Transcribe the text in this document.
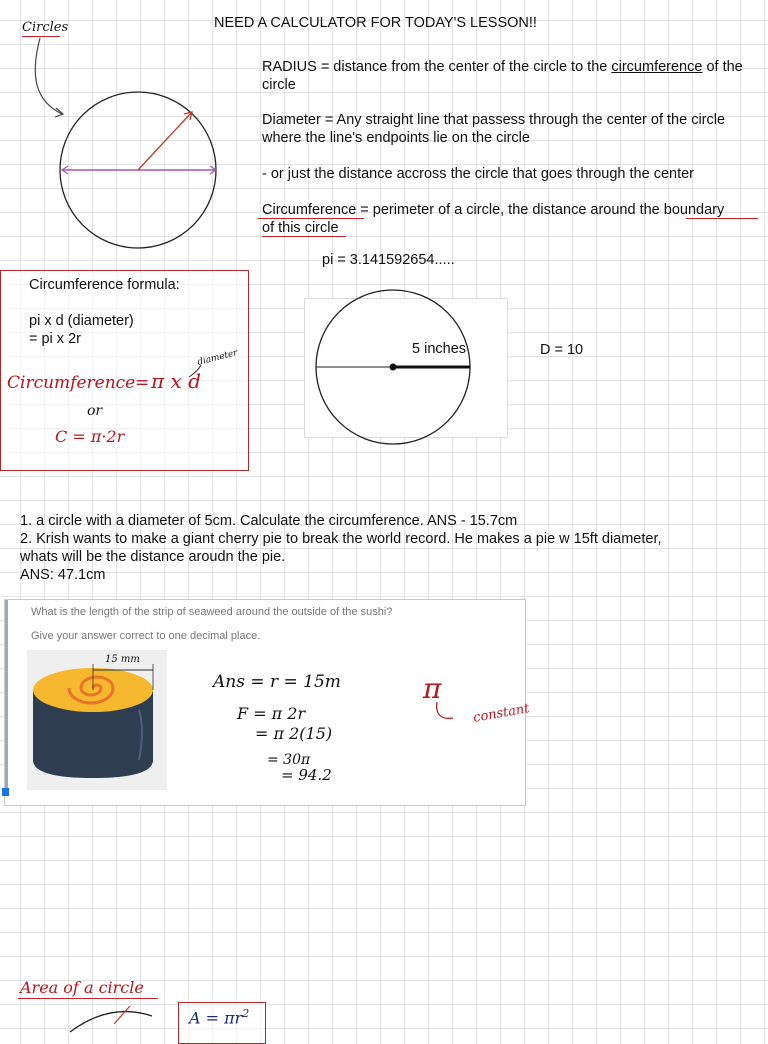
Circles	NEED A CALCULATOR FOR TODAY'S LESSON!!
RADIUS = distance from the center of the circle to the circumference of the circle
Diameter = Any straight line that passess through the center of the circle
where the line's endpoints lie on the circle
- or just the distance accross the circle that goes through the center
Circumference = perimeter of a circle, the distance around the boundary
of this circle
pi = 3.141592654.....
Circumference formula:
pi x d (diameter)
= pi x 2r
Circumference = π x d
diameter
or
C = π·2r
5 inches	D = 10
1. a circle with a diameter of 5cm. Calculate the circumference. ANS - 15.7cm
2. Krish wants to make a giant cherry pie to break the world record. He makes a pie w 15ft diameter,
whats will be the distance aroudn the pie.
ANS: 47.1cm
What is the length of the strip of seaweed around the outside of the sushi?
Give your answer correct to one decimal place.
15 mm
Ans = r = 15m
F = π 2r
= π 2(15)
= 30π
= 94.2
π
constant
Area of a circle
$A = \pi r^2$
